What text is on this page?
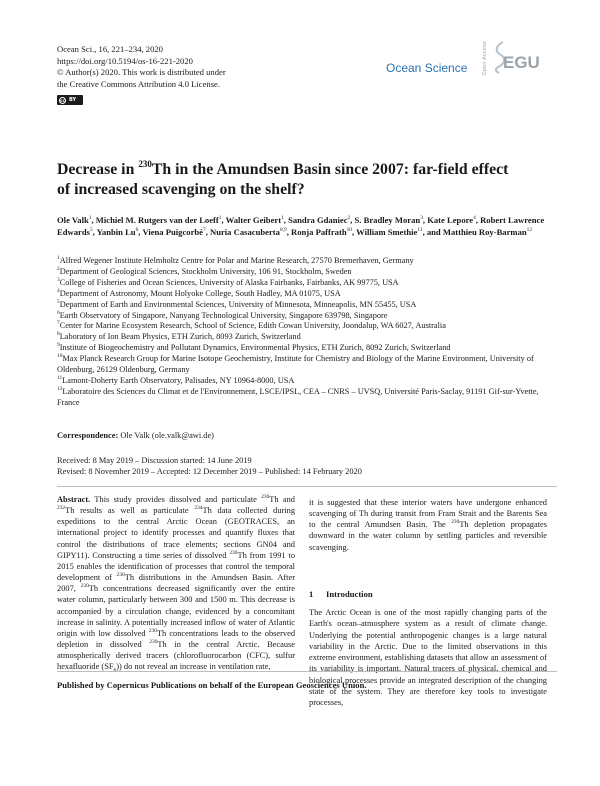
Ocean Sci., 16, 221–234, 2020
https://doi.org/10.5194/os-16-221-2020
© Author(s) 2020. This work is distributed under
the Creative Commons Attribution 4.0 License.
cc BY
Ocean Science	Open Access EGU
Decrease in $^{230}$Th in the Amundsen Basin since 2007: far-field effect
of increased scavenging on the shelf?
Ole Valk$^1$, Michiel M. Rutgers van der Loeff$^1$, Walter Geibert$^1$, Sandra Gdaniec$^2$, S. Bradley Moran$^3$, Kate Lepore$^4$, Robert Lawrence Edwards$^5$, Yanbin Lu$^6$, Viena Puigcorbé$^7$, Nuria Casacuberta$^{8,9}$, Ronja Paffrath$^{10}$, William Smethie$^{11}$, and Matthieu Roy-Barman$^{12}$
$^1$Alfred Wegener Institute Helmholtz Centre for Polar and Marine Research, 27570 Bremerhaven, Germany
$^2$Department of Geological Sciences, Stockholm University, 106 91, Stockholm, Sweden
$^3$College of Fisheries and Ocean Sciences, University of Alaska Fairbanks, Fairbanks, AK 99775, USA
$^4$Department of Astronomy, Mount Holyoke College, South Hadley, MA 01075, USA
$^5$Department of Earth and Environmental Sciences, University of Minnesota, Minneapolis, MN 55455, USA
$^6$Earth Observatory of Singapore, Nanyang Technological University, Singapore 639798, Singapore
$^7$Center for Marine Ecosystem Research, School of Science, Edith Cowan University, Joondalup, WA 6027, Australia
$^8$Laboratory of Ion Beam Physics, ETH Zurich, 8093 Zurich, Switzerland
$^9$Institute of Biogeochemistry and Pollutant Dynamics, Environmental Physics, ETH Zurich, 8092 Zurich, Switzerland
$^{10}$Max Planck Research Group for Marine Isotope Geochemistry, Institute for Chemistry and Biology of the Marine Environment, University of Oldenburg, 26129 Oldenburg, Germany
$^{11}$Lamont-Doherty Earth Observatory, Palisades, NY 10964-8000, USA
$^{12}$Laboratoire des Sciences du Climat et de l'Environnement, LSCE/IPSL, CEA – CNRS – UVSQ, Université Paris-Saclay, 91191 Gif-sur-Yvette, France
Correspondence: Ole Valk (ole.valk@awi.de)
Received: 8 May 2019 – Discussion started: 14 June 2019
Revised: 8 November 2019 – Accepted: 12 December 2019 – Published: 14 February 2020

Abstract. This study provides dissolved and particulate $^{230}$Th and $^{232}$Th results as well as particulate $^{234}$Th data collected during expeditions to the central Arctic Ocean (GEOTRACES, an international project to identify processes and quantify fluxes that control the distributions of trace elements; sections GN04 and GIPY11). Constructing a time series of dissolved $^{230}$Th from 1991 to 2015 enables the identification of processes that control the temporal development of $^{230}$Th distributions in the Amundsen Basin. After 2007, $^{230}$Th concentrations decreased significantly over the entire water column, particularly between 300 and 1500 m. This decrease is accompanied by a circulation change, evidenced by a concomitant increase in salinity. A potentially increased inflow of water of Atlantic origin with low dissolved $^{230}$Th concentrations leads to the observed depletion in dissolved $^{230}$Th in the central Arctic. Because atmospherically derived tracers (chlorofluorocarbon (CFC), sulfur hexafluoride $(SF_6)$) do not reveal an increase in ventilation rate,

it is suggested that these interior waters have undergone enhanced scavenging of Th during transit from Fram Strait and the Barents Sea to the central Amundsen Basin. The $^{230}$Th depletion propagates downward in the water column by settling particles and reversible scavenging.

1 Introduction
The Arctic Ocean is one of the most rapidly changing parts of the Earth's ocean–atmosphere system as a result of climate change. Underlying the potential anthropogenic changes is a large natural variability in the Arctic. Due to the limited observations in this extreme environment, establishing datasets that allow an assessment of its variability is important. Natural tracers of physical, chemical and biological processes provide an integrated description of the changing state of the system. They are therefore key tools to investigate processes,
Published by Copernicus Publications on behalf of the European Geosciences Union.
